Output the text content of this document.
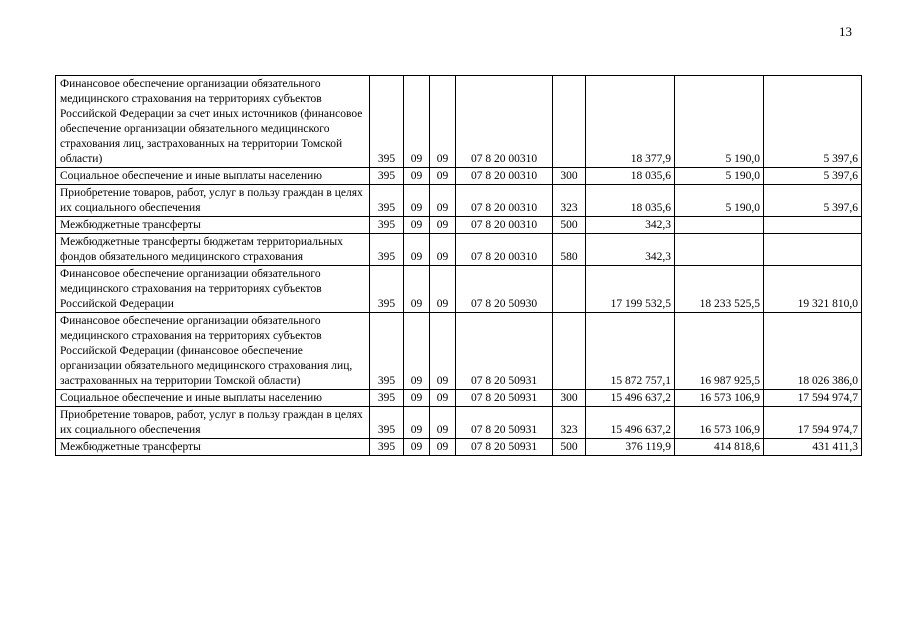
13
Финансовое обеспечение организации обязательного медицинского страхования на территориях субъектов Российской Федерации за счет иных источников (финансовое обеспечение организации обязательного медицинского страхования лиц, застрахованных на территории Томской области)	395	09	09	07 8 20 00310		18 377,9	5 190,0	5 397,6
Социальное обеспечение и иные выплаты населению	395	09	09	07 8 20 00310	300	18 035,6	5 190,0	5 397,6
Приобретение товаров, работ, услуг в пользу граждан в целях их социального обеспечения	395	09	09	07 8 20 00310	323	18 035,6	5 190,0	5 397,6
Межбюджетные трансферты	395	09	09	07 8 20 00310	500	342,3		
Межбюджетные трансферты бюджетам территориальных фондов обязательного медицинского страхования	395	09	09	07 8 20 00310	580	342,3		
Финансовое обеспечение организации обязательного медицинского страхования на территориях субъектов Российской Федерации	395	09	09	07 8 20 50930		17 199 532,5	18 233 525,5	19 321 810,0
Финансовое обеспечение организации обязательного медицинского страхования на территориях субъектов Российской Федерации (финансовое обеспечение организации обязательного медицинского страхования лиц, застрахованных на территории Томской области)	395	09	09	07 8 20 50931		15 872 757,1	16 987 925,5	18 026 386,0
Социальное обеспечение и иные выплаты населению	395	09	09	07 8 20 50931	300	15 496 637,2	16 573 106,9	17 594 974,7
Приобретение товаров, работ, услуг в пользу граждан в целях их социального обеспечения	395	09	09	07 8 20 50931	323	15 496 637,2	16 573 106,9	17 594 974,7
Межбюджетные трансферты	395	09	09	07 8 20 50931	500	376 119,9	414 818,6	431 411,3
